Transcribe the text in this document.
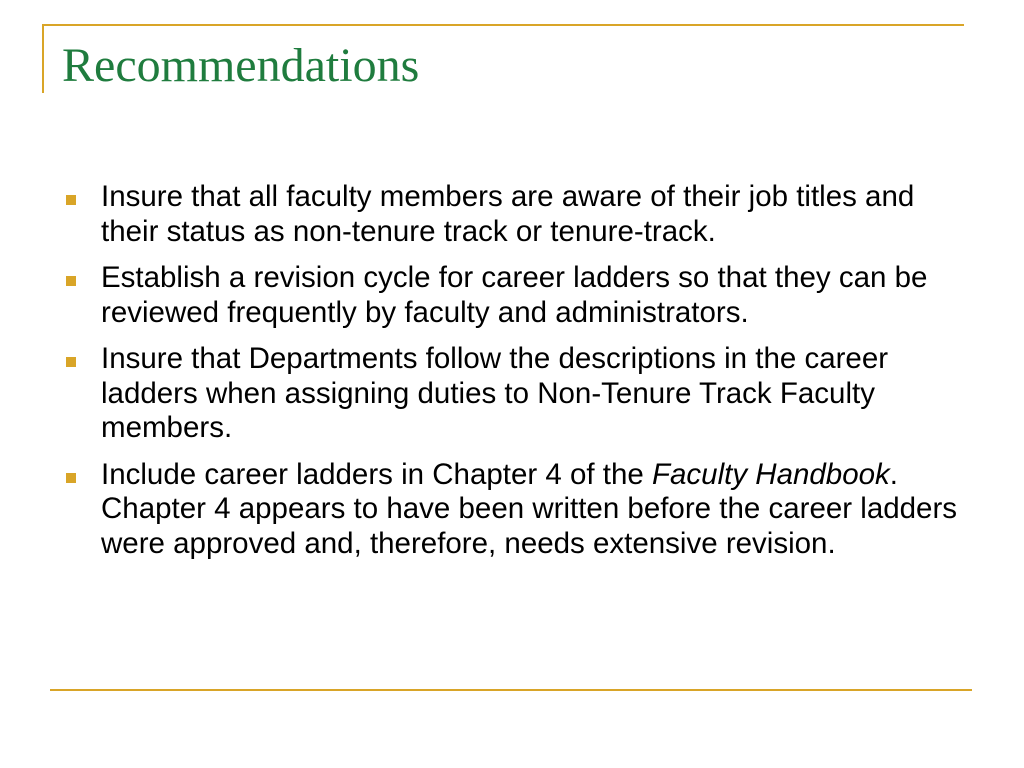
Recommendations
Insure that all faculty members are aware of their job titles and their status as non-tenure track or tenure-track.
Establish a revision cycle for career ladders so that they can be reviewed frequently by faculty and administrators.
Insure that Departments follow the descriptions in the career ladders when assigning duties to Non-Tenure Track Faculty members.
Include career ladders in Chapter 4 of the Faculty Handbook. Chapter 4 appears to have been written before the career ladders were approved and, therefore, needs extensive revision.
